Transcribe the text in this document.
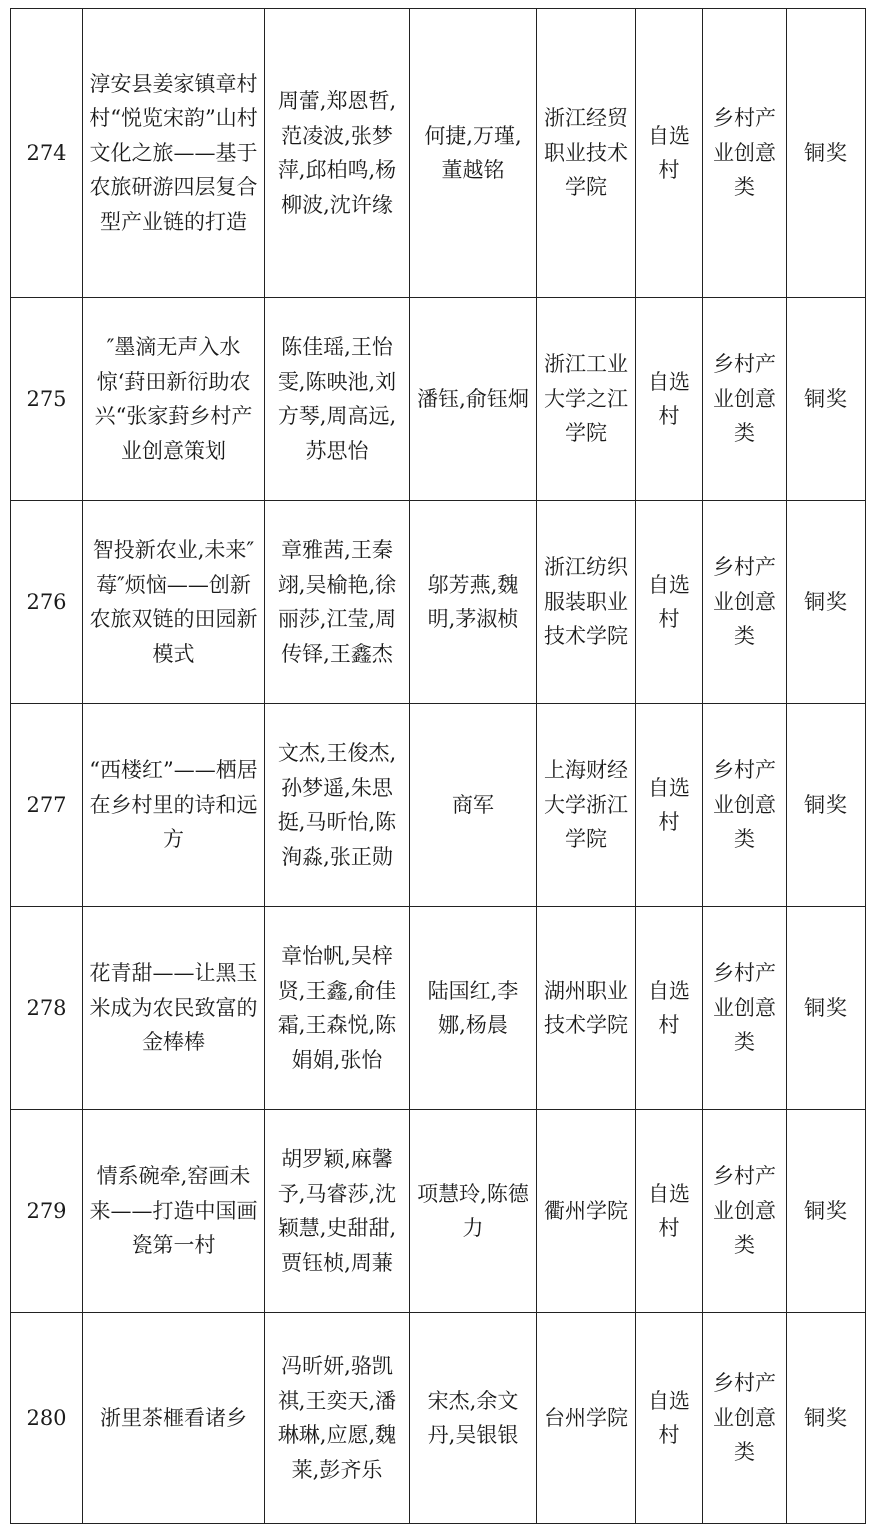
274	淳安县姜家镇章村村“悦览宋韵”山村文化之旅——基于农旅研游四层复合型产业链的打造	周蕾,郑恩哲,范凌波,张梦萍,邱柏鸣,杨柳波,沈许缘	何捷,万瑾,董越铭	浙江经贸职业技术学院	自选村	乡村产业创意类	铜奖
275	″墨滴无声入水惊‘葑田新衍助农兴“张家葑乡村产业创意策划	陈佳瑶,王怡雯,陈映池,刘方琴,周高远,苏思怡	潘钰,俞钰炯	浙江工业大学之江学院	自选村	乡村产业创意类	铜奖
276	智投新农业,未来″莓″烦恼——创新农旅双链的田园新模式	章雅茜,王秦翊,吴榆艳,徐丽莎,江莹,周传铎,王鑫杰	邬芳燕,魏明,茅淑桢	浙江纺织服装职业技术学院	自选村	乡村产业创意类	铜奖
277	“西楼红”——栖居在乡村里的诗和远方	文杰,王俊杰,孙梦遥,朱思挺,马昕怡,陈洵淼,张正勋	商军	上海财经大学浙江学院	自选村	乡村产业创意类	铜奖
278	花青甜——让黑玉米成为农民致富的金棒棒	章怡帆,吴梓贤,王鑫,俞佳霜,王森悦,陈娟娟,张怡	陆国红,李娜,杨晨	湖州职业技术学院	自选村	乡村产业创意类	铜奖
279	情系碗牵,窑画未来——打造中国画瓷第一村	胡罗颖,麻馨予,马睿莎,沈颖慧,史甜甜,贾钰桢,周蒹	项慧玲,陈德力	衢州学院	自选村	乡村产业创意类	铜奖
280	浙里茶榧看诸乡	冯昕妍,骆凯祺,王奕天,潘琳琳,应愿,魏莱,彭齐乐	宋杰,余文丹,吴银银	台州学院	自选村	乡村产业创意类	铜奖
